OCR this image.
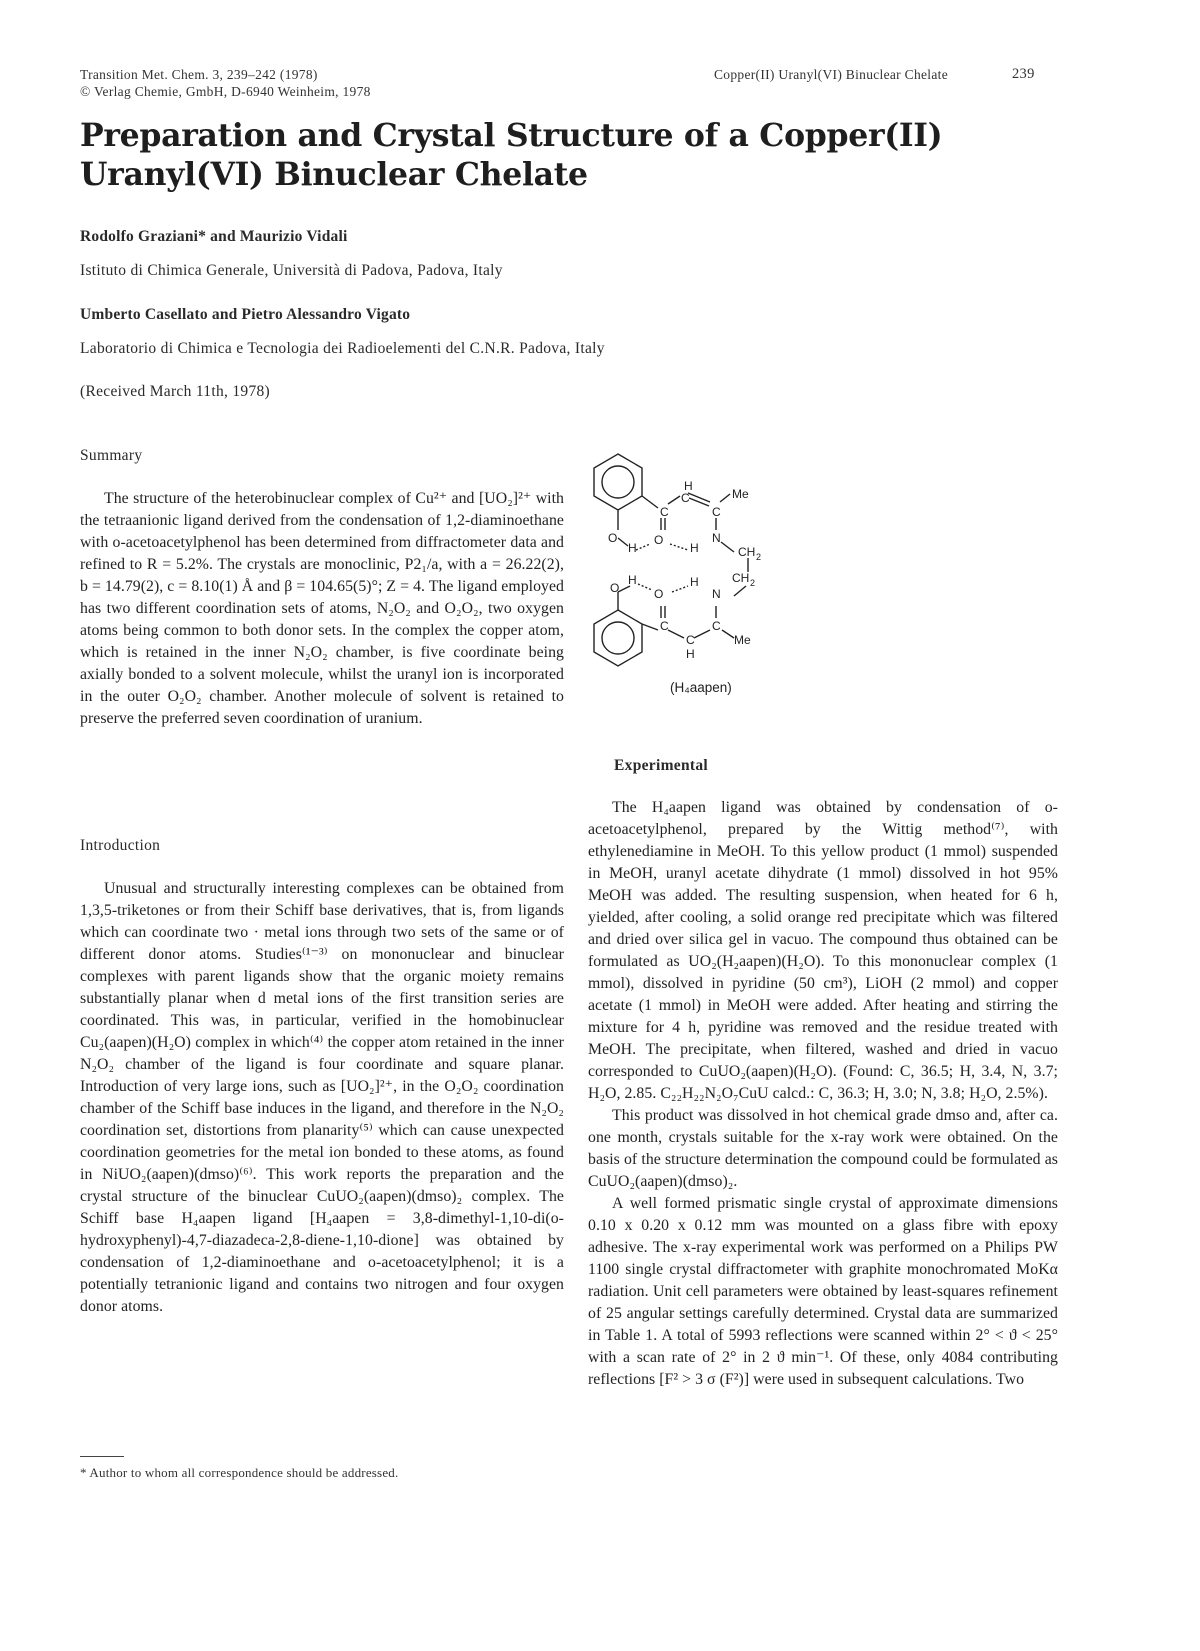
Transition Met. Chem. 3, 239–242 (1978)
© Verlag Chemie, GmbH, D-6940 Weinheim, 1978
Copper(II) Uranyl(VI) Binuclear Chelate	239
Preparation and Crystal Structure of a Copper(II) Uranyl(VI) Binuclear Chelate
Rodolfo Graziani* and Maurizio Vidali
Istituto di Chimica Generale, Università di Padova, Padova, Italy
Umberto Casellato and Pietro Alessandro Vigato
Laboratorio di Chimica e Tecnologia dei Radioelementi del C.N.R. Padova, Italy
(Received March 11th, 1978)
Summary

The structure of the heterobinuclear complex of Cu²⁺ and [UO₂]²⁺ with the tetraanionic ligand derived from the condensation of 1,2-diaminoethane with o-acetoacetylphenol has been determined from diffractometer data and refined to R = 5.2%. The crystals are monoclinic, P2₁/a, with a = 26.22(2), b = 14.79(2), c = 8.10(1) Å and β = 104.65(5)°; Z = 4. The ligand employed has two different coordination sets of atoms, N₂O₂ and O₂O₂, two oxygen atoms being common to both donor sets. In the complex the copper atom, which is retained in the inner N₂O₂ chamber, is five coordinate being axially bonded to a solvent molecule, whilst the uranyl ion is incorporated in the outer O₂O₂ chamber. Another molecule of solvent is retained to preserve the preferred seven coordination of uranium.

Introduction

Unusual and structurally interesting complexes can be obtained from 1,3,5-triketones or from their Schiff base derivatives, that is, from ligands which can coordinate two · metal ions through two sets of the same or of different donor atoms. Studies⁽¹⁻³⁾ on mononuclear and binuclear complexes with parent ligands show that the organic moiety remains substantially planar when d metal ions of the first transition series are coordinated. This was, in particular, verified in the homobinuclear Cu₂(aapen)(H₂O) complex in which⁽⁴⁾ the copper atom retained in the inner N₂O₂ chamber of the ligand is four coordinate and square planar. Introduction of very large ions, such as [UO₂]²⁺, in the O₂O₂ coordination chamber of the Schiff base induces in the ligand, and therefore in the N₂O₂ coordination set, distortions from planarity⁽⁵⁾ which can cause unexpected coordination geometries for the metal ion bonded to these atoms, as found in NiUO₂(aapen)(dmso)⁽⁶⁾. This work reports the preparation and the crystal structure of the binuclear CuUO₂(aapen)(dmso)₂ complex. The Schiff base H₄aapen ligand [H₄aapen = 3,8-dimethyl-1,10-di(o-hydroxyphenyl)-4,7-diazadeca-2,8-diene-1,10-dione] was obtained by condensation of 1,2-diaminoethane and o-acetoacetylphenol; it is a potentially tetranionic ligand and contains two nitrogen and four oxygen donor atoms.

H
C
C
C
Me
O
H
O
H
N
CH 2
CH 2
N
H
O
H
O
C
C
C
Me
H
(H₄aapen)
Experimental

The H₄aapen ligand was obtained by condensation of o-acetoacetylphenol, prepared by the Wittig method⁽⁷⁾, with ethylenediamine in MeOH. To this yellow product (1 mmol) suspended in MeOH, uranyl acetate dihydrate (1 mmol) dissolved in hot 95% MeOH was added. The resulting suspension, when heated for 6 h, yielded, after cooling, a solid orange red precipitate which was filtered and dried over silica gel in vacuo. The compound thus obtained can be formulated as UO₂(H₂aapen)(H₂O). To this mononuclear complex (1 mmol), dissolved in pyridine (50 cm³), LiOH (2 mmol) and copper acetate (1 mmol) in MeOH were added. After heating and stirring the mixture for 4 h, pyridine was removed and the residue treated with MeOH. The precipitate, when filtered, washed and dried in vacuo corresponded to CuUO₂(aapen)(H₂O). (Found: C, 36.5; H, 3.4, N, 3.7; H₂O, 2.85. C₂₂H₂₂N₂O₇CuU calcd.: C, 36.3; H, 3.0; N, 3.8; H₂O, 2.5%).

This product was dissolved in hot chemical grade dmso and, after ca. one month, crystals suitable for the x-ray work were obtained. On the basis of the structure determination the compound could be formulated as CuUO₂(aapen)(dmso)₂.

A well formed prismatic single crystal of approximate dimensions 0.10 x 0.20 x 0.12 mm was mounted on a glass fibre with epoxy adhesive. The x-ray experimental work was performed on a Philips PW 1100 single crystal diffractometer with graphite monochromated MoKα radiation. Unit cell parameters were obtained by least-squares refinement of 25 angular settings carefully determined. Crystal data are summarized in Table 1. A total of 5993 reflections were scanned within 2° < ϑ < 25° with a scan rate of 2° in 2 ϑ min⁻¹. Of these, only 4084 contributing reflections [F² > 3 σ (F²)] were used in subsequent calculations. Two

* Author to whom all correspondence should be addressed.
